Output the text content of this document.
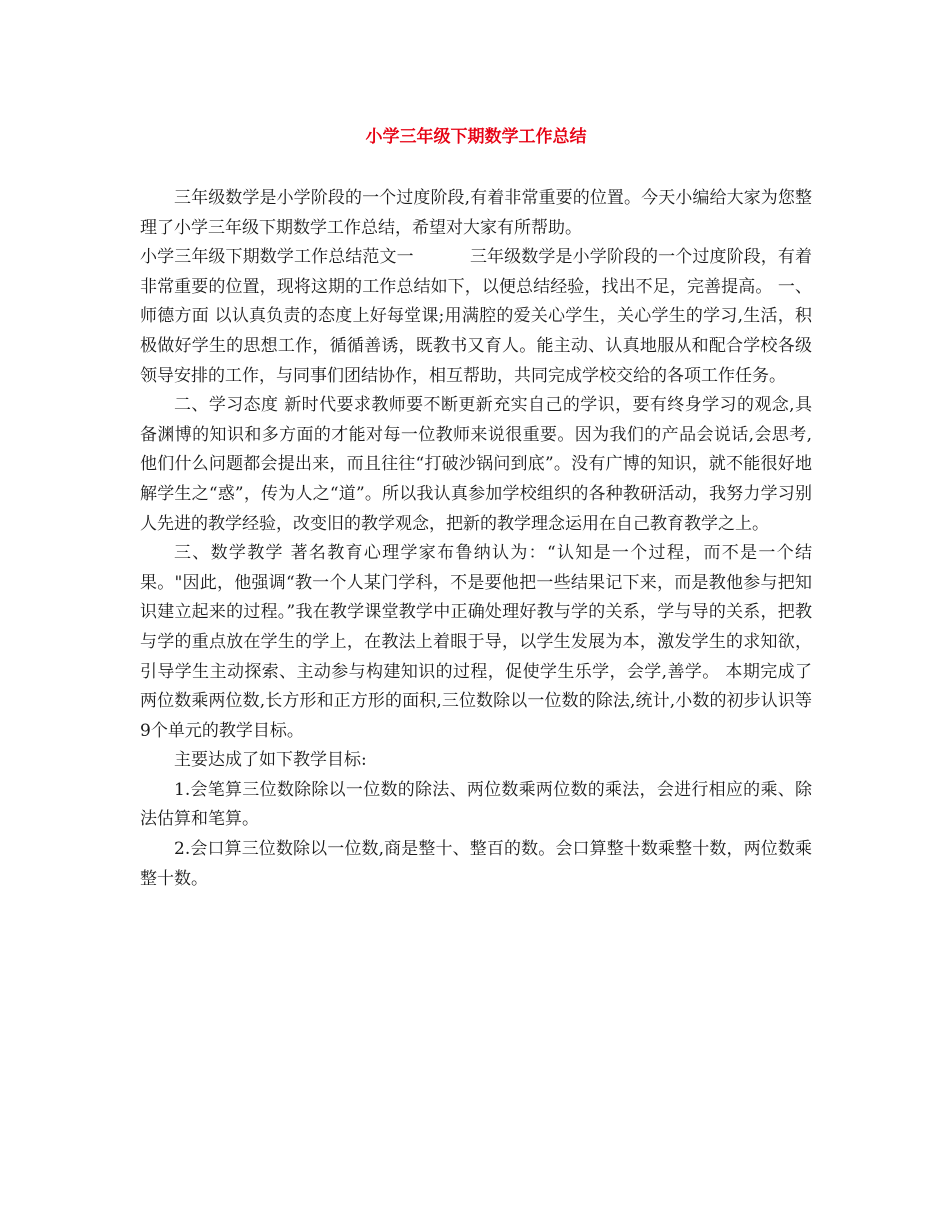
小学三年级下期数学工作总结

三年级数学是小学阶段的一个过度阶段,有着非常重要的位置。今天小编给大家为您整理了小学三年级下期数学工作总结，希望对大家有所帮助。

小学三年级下期数学工作总结范文一	三年级数学是小学阶段的一个过度阶段，有着非常重要的位置，现将这期的工作总结如下，以便总结经验，找出不足，完善提高。 一、师德方面 以认真负责的态度上好每堂课;用满腔的爱关心学生，关心学生的学习,生活，积极做好学生的思想工作，循循善诱，既教书又育人。能主动、认真地服从和配合学校各级领导安排的工作，与同事们团结协作，相互帮助，共同完成学校交给的各项工作任务。

二、学习态度 新时代要求教师要不断更新充实自己的学识，要有终身学习的观念,具备渊博的知识和多方面的才能对每一位教师来说很重要。因为我们的产品会说话,会思考,他们什么问题都会提出来，而且往往“打破沙锅问到底”。没有广博的知识，就不能很好地解学生之“惑”，传为人之“道”。所以我认真参加学校组织的各种教研活动，我努力学习别人先进的教学经验，改变旧的教学观念，把新的教学理念运用在自己教育教学之上。

三、数学教学 著名教育心理学家布鲁纳认为：“认知是一个过程，而不是一个结果。"因此，他强调“教一个人某门学科，不是要他把一些结果记下来，而是教他参与把知识建立起来的过程。”我在教学课堂教学中正确处理好教与学的关系，学与导的关系，把教与学的重点放在学生的学上，在教法上着眼于导，以学生发展为本，激发学生的求知欲，引导学生主动探索、主动参与构建知识的过程，促使学生乐学，会学,善学。 本期完成了两位数乘两位数,长方形和正方形的面积,三位数除以一位数的除法,统计,小数的初步认识等9个单元的教学目标。

主要达成了如下教学目标:

1.会笔算三位数除除以一位数的除法、两位数乘两位数的乘法，会进行相应的乘、除法估算和笔算。

2.会口算三位数除以一位数,商是整十、整百的数。会口算整十数乘整十数，两位数乘整十数。
